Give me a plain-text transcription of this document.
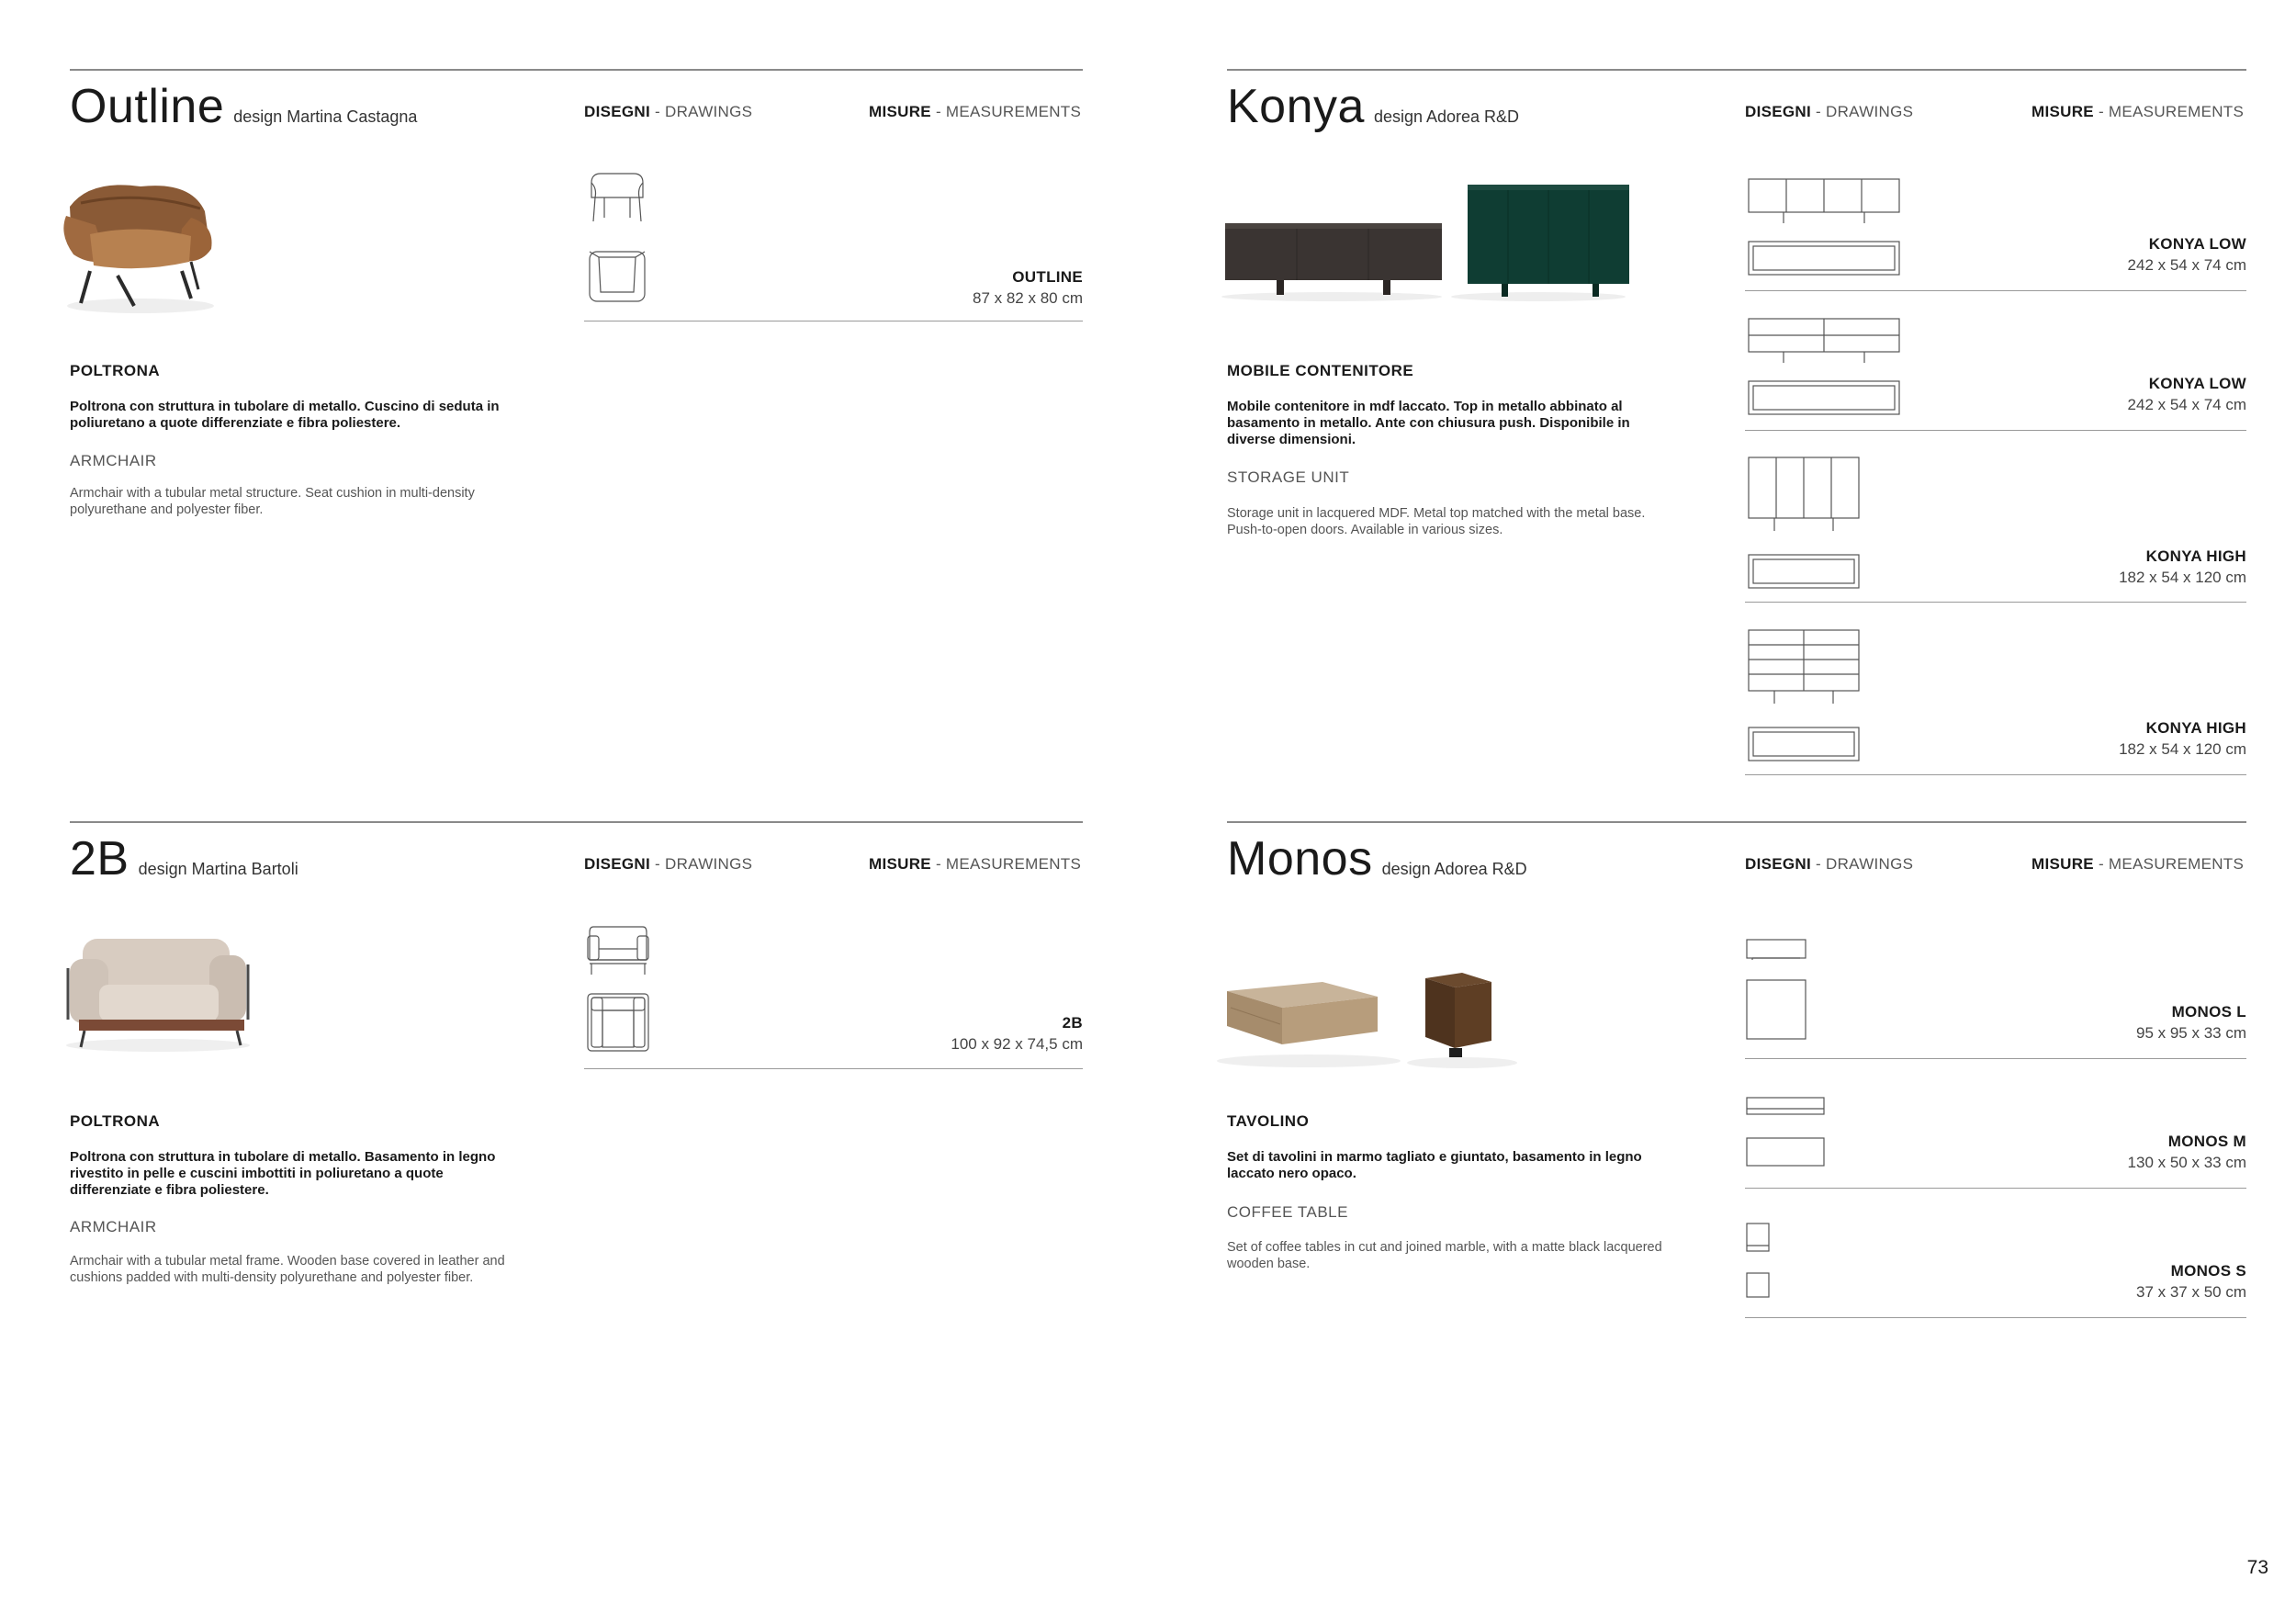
Outline design Martina Castagna	DISEGNI - DRAWINGS	MISURE - MEASUREMENTS
POLTRONA
Poltrona con struttura in tubolare di metallo. Cuscino di seduta in poliuretano a quote differenziate e fibra poliestere.
ARMCHAIR
Armchair with a tubular metal structure. Seat cushion in multi-density polyurethane and polyester fiber.
OUTLINE
87 x 82 x 80 cm
Konya design Adorea R&D	DISEGNI - DRAWINGS	MISURE - MEASUREMENTS
MOBILE CONTENITORE
Mobile contenitore in mdf laccato. Top in metallo abbinato al basamento in metallo. Ante con chiusura push. Disponibile in diverse dimensioni.
STORAGE UNIT
Storage unit in lacquered MDF. Metal top matched with the metal base. Push-to-open doors. Available in various sizes.
KONYA LOW
242 x 54 x 74 cm
KONYA LOW
242 x 54 x 74 cm
KONYA HIGH
182 x 54 x 120 cm
KONYA HIGH
182 x 54 x 120 cm
2B design Martina Bartoli	DISEGNI - DRAWINGS	MISURE - MEASUREMENTS
POLTRONA
Poltrona con struttura in tubolare di metallo. Basamento in legno rivestito in pelle e cuscini imbottiti in poliuretano a quote differenziate e fibra poliestere.
ARMCHAIR
Armchair with a tubular metal frame. Wooden base covered in leather and cushions padded with multi-density polyurethane and polyester fiber.
2B
100 x 92 x 74,5 cm
Monos design Adorea R&D	DISEGNI - DRAWINGS	MISURE - MEASUREMENTS
TAVOLINO
Set di tavolini in marmo tagliato e giuntato, basamento in legno laccato nero opaco.
COFFEE TABLE
Set of coffee tables in cut and joined marble, with a matte black lacquered wooden base.
MONOS L
95 x 95 x 33 cm
MONOS M
130 x 50 x 33 cm
MONOS S
37 x 37 x 50 cm
73
